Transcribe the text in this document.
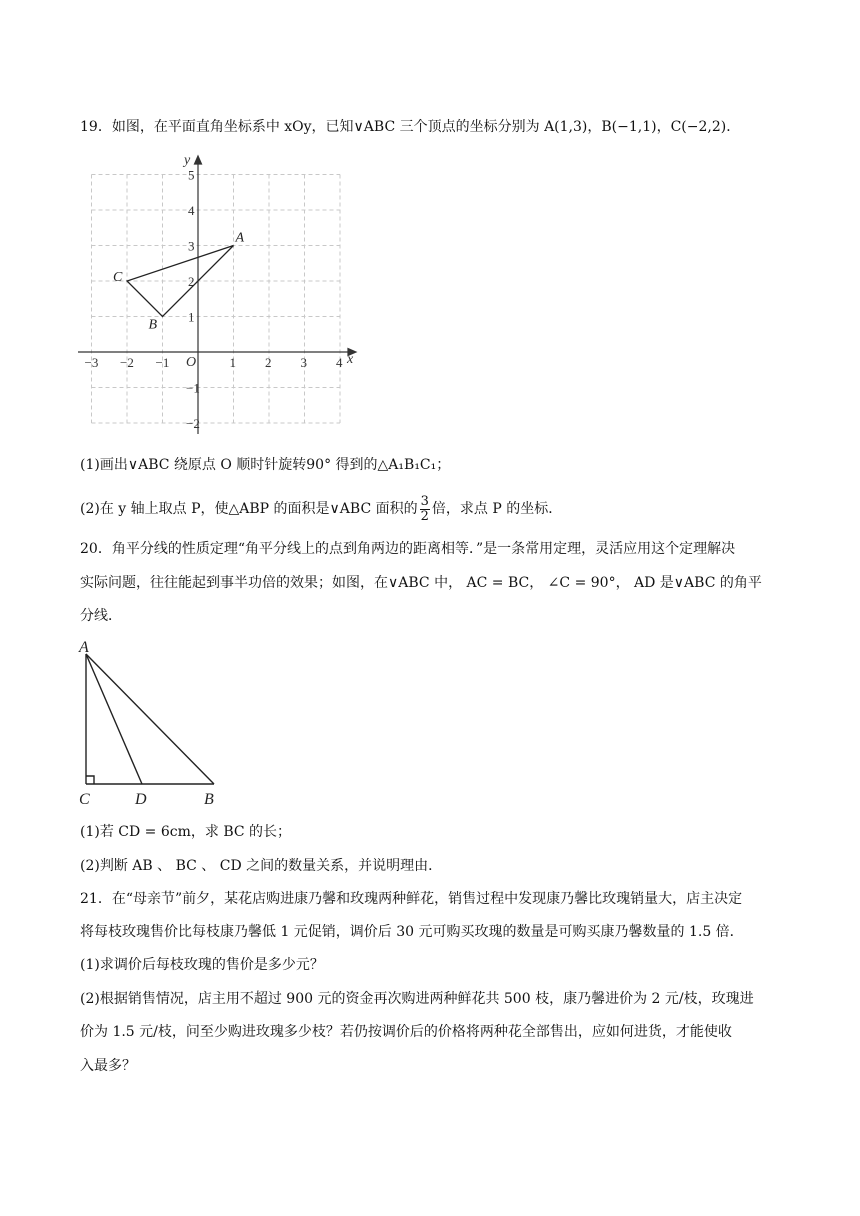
19．如图，在平面直角坐标系中 xOy，已知∨ABC 三个顶点的坐标分别为 A(1,3)，B(−1,1)，C(−2,2)．
x
y
O
−3 −2 −1	1 2 3 4
−2
−1
1
2
3
4
5
A
B
C
(1)画出∨ABC 绕原点 O 顺时针旋转90° 得到的△A₁B₁C₁；
(2)在 y 轴上取点 P，使△ABP 的面积是∨ABC 面积的 $\frac{3}{2}$ 倍，求点 P 的坐标．
20．角平分线的性质定理“角平分线上的点到角两边的距离相等．”是一条常用定理，灵活应用这个定理解决
实际问题，往往能起到事半功倍的效果；如图，在∨ABC 中， AC = BC， ∠C = 90°， AD 是∨ABC 的角平
分线．
A
C	D	B
(1)若 CD = 6cm，求 BC 的长；
(2)判断 AB 、 BC 、 CD 之间的数量关系，并说明理由．
21．在“母亲节”前夕，某花店购进康乃馨和玫瑰两种鲜花，销售过程中发现康乃馨比玫瑰销量大，店主决定
将每枝玫瑰售价比每枝康乃馨低 1 元促销，调价后 30 元可购买玫瑰的数量是可购买康乃馨数量的 1.5 倍．
(1)求调价后每枝玫瑰的售价是多少元？
(2)根据销售情况，店主用不超过 900 元的资金再次购进两种鲜花共 500 枝，康乃馨进价为 2 元/枝，玫瑰进
价为 1.5 元/枝，问至少购进玫瑰多少枝？若仍按调价后的价格将两种花全部售出，应如何进货，才能使收
入最多？
